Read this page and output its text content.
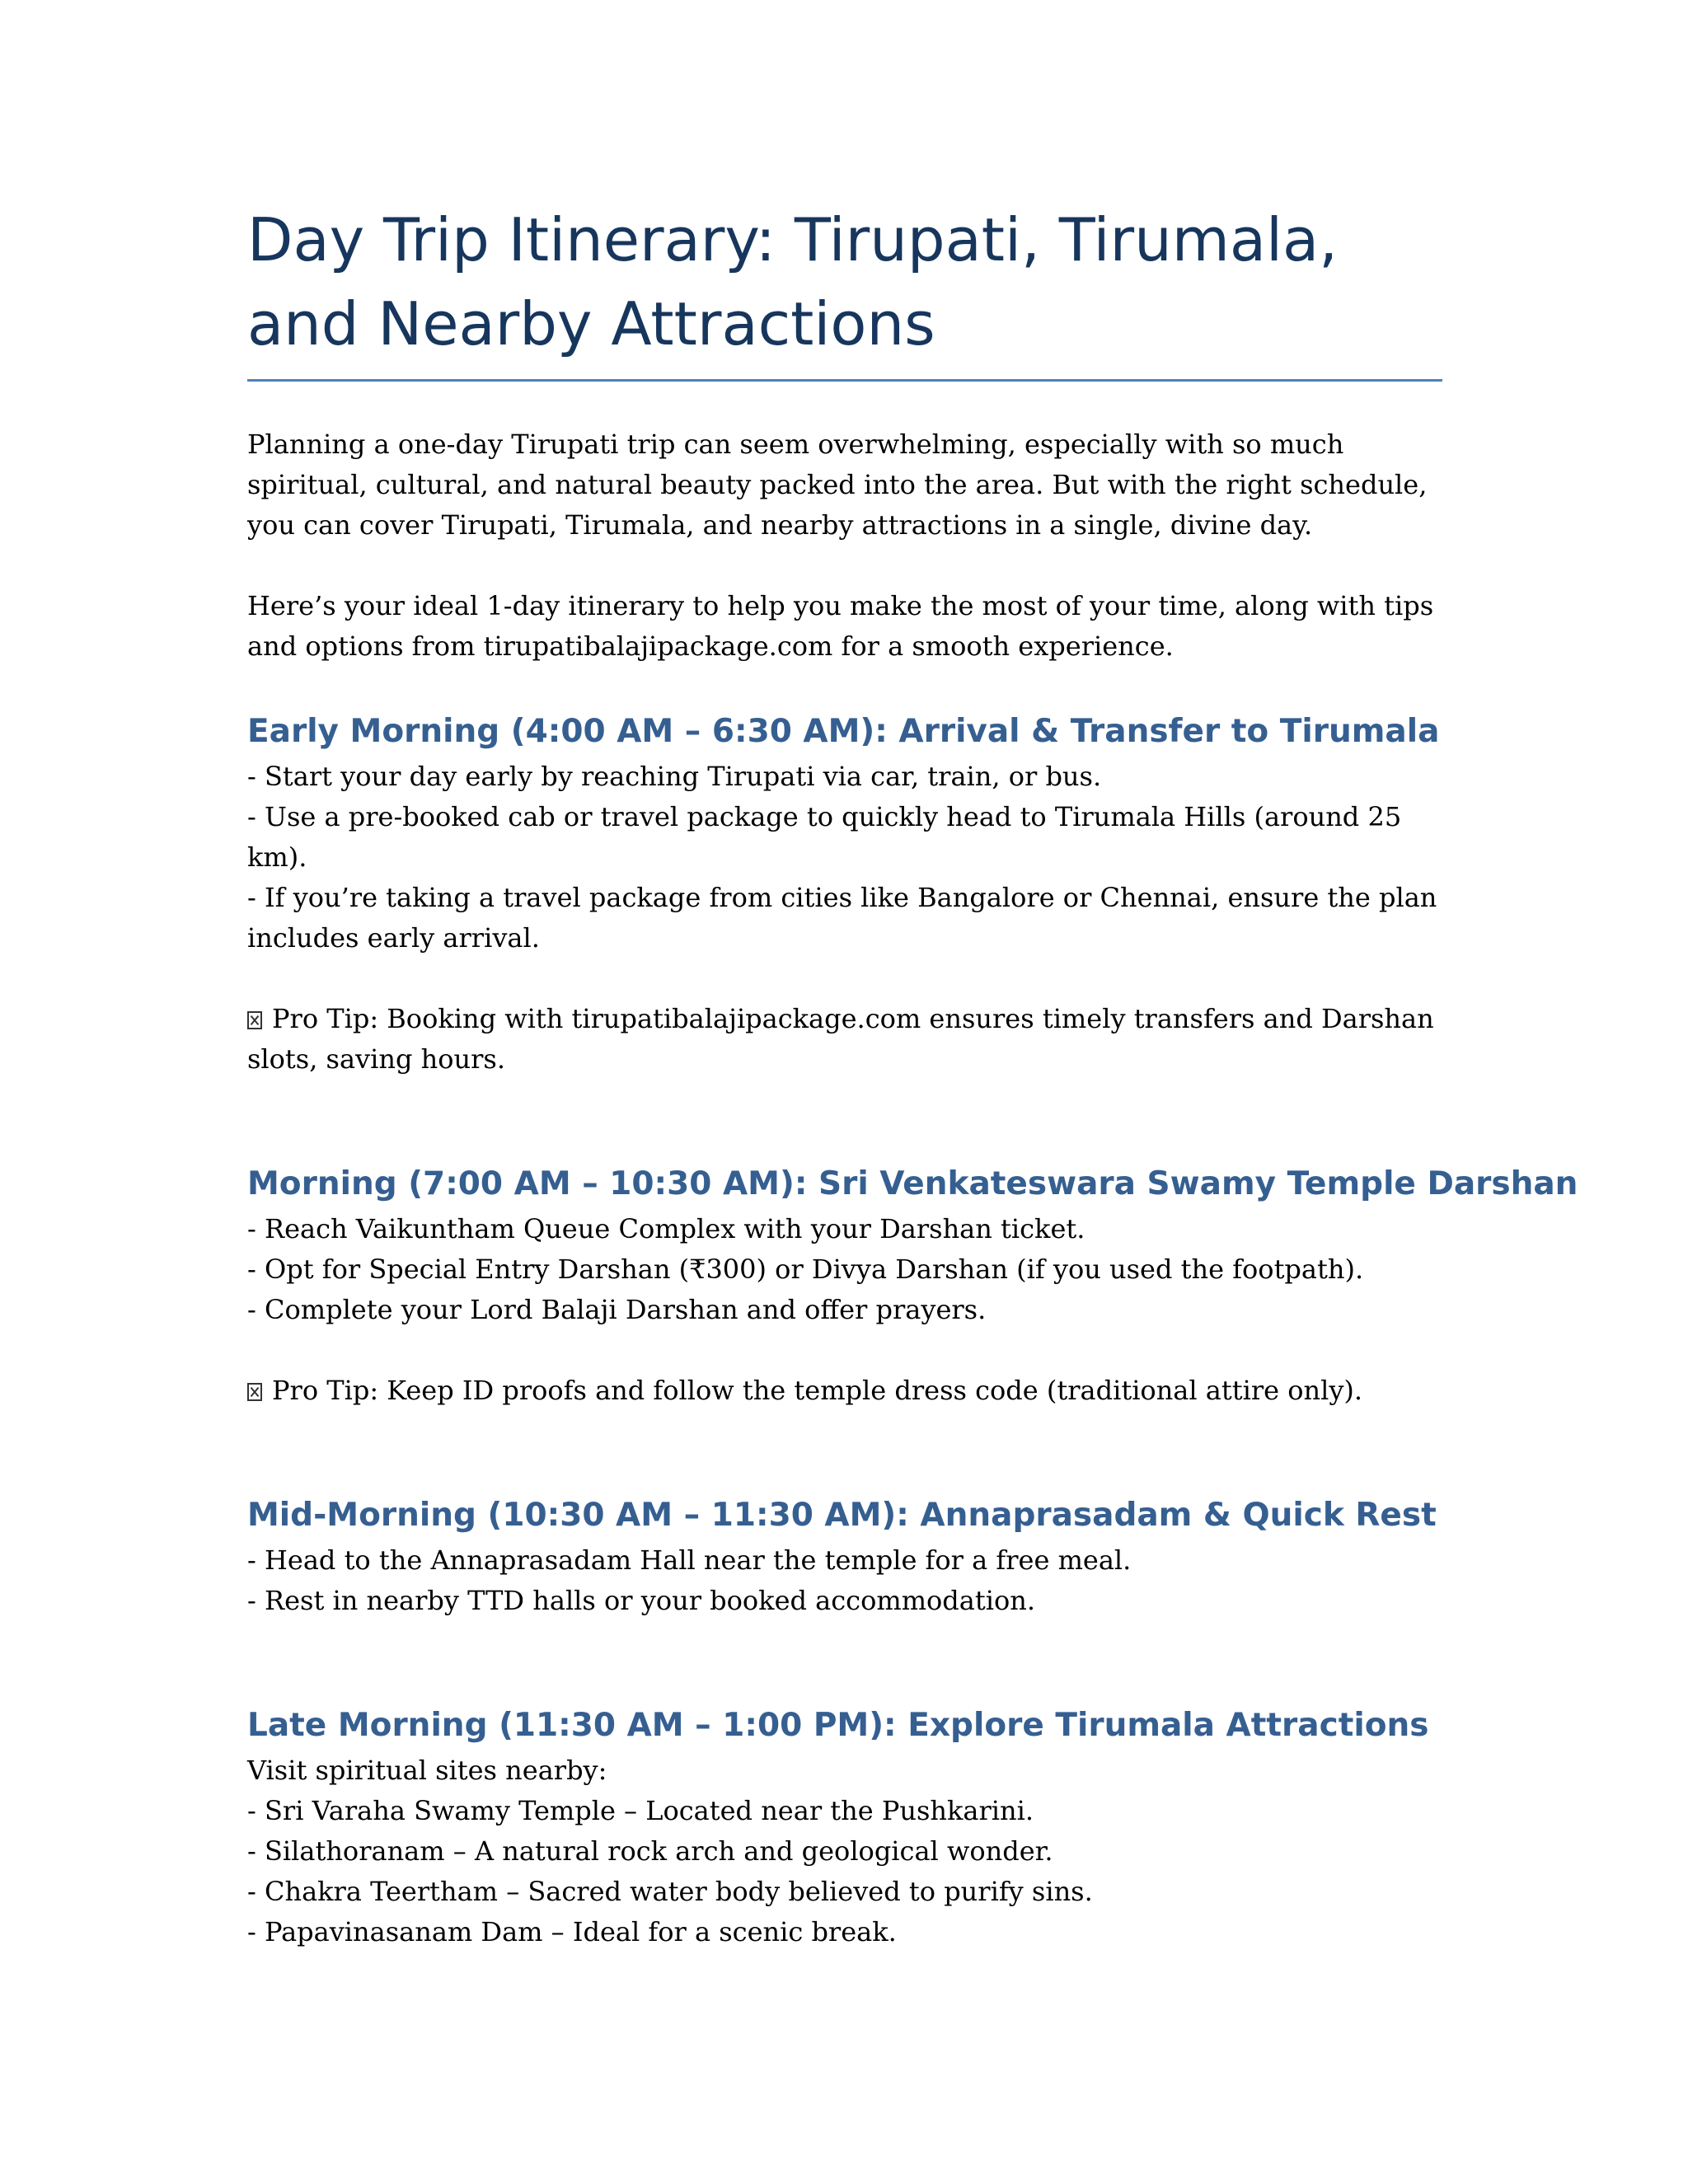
Day Trip Itinerary: Tirupati, Tirumala, and Nearby Attractions

Planning a one-day Tirupati trip can seem overwhelming, especially with so much spiritual, cultural, and natural beauty packed into the area. But with the right schedule, you can cover Tirupati, Tirumala, and nearby attractions in a single, divine day.

Here’s your ideal 1-day itinerary to help you make the most of your time, along with tips and options from tirupatibalajipackage.com for a smooth experience.

Early Morning (4:00 AM – 6:30 AM): Arrival & Transfer to Tirumala

- Start your day early by reaching Tirupati via car, train, or bus.

- Use a pre-booked cab or travel package to quickly head to Tirumala Hills (around 25 km).

- If you’re taking a travel package from cities like Bangalore or Chennai, ensure the plan includes early arrival.

Pro Tip: Booking with tirupatibalajipackage.com ensures timely transfers and Darshan slots, saving hours.

Morning (7:00 AM – 10:30 AM): Sri Venkateswara Swamy Temple Darshan

- Reach Vaikuntham Queue Complex with your Darshan ticket.

- Opt for Special Entry Darshan (₹300) or Divya Darshan (if you used the footpath).

- Complete your Lord Balaji Darshan and offer prayers.

Pro Tip: Keep ID proofs and follow the temple dress code (traditional attire only).

Mid-Morning (10:30 AM – 11:30 AM): Annaprasadam & Quick Rest

- Head to the Annaprasadam Hall near the temple for a free meal.

- Rest in nearby TTD halls or your booked accommodation.

Late Morning (11:30 AM – 1:00 PM): Explore Tirumala Attractions

Visit spiritual sites nearby:

- Sri Varaha Swamy Temple – Located near the Pushkarini.

- Silathoranam – A natural rock arch and geological wonder.

- Chakra Teertham – Sacred water body believed to purify sins.

- Papavinasanam Dam – Ideal for a scenic break.
